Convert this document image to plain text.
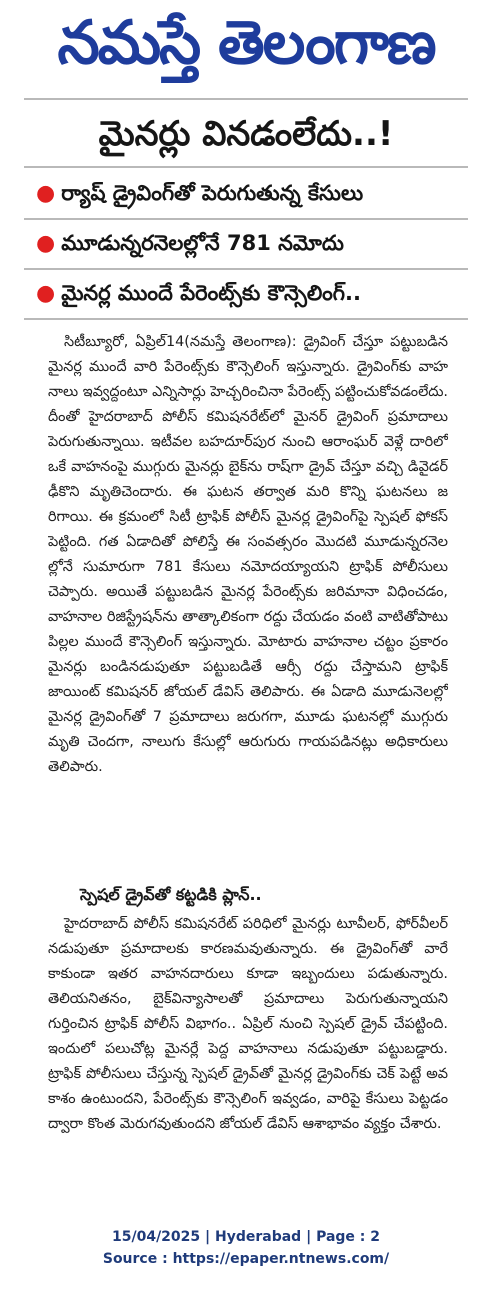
నమస్తే తెలంగాణ
మైనర్లు వినడంలేదు..!
● ర్యాష్ డ్రైవింగ్‌తో పెరుగుతున్న కేసులు
● మూడున్నరనెలల్లోనే 781 నమోదు
● మైనర్ల ముందే పేరెంట్స్‌కు కౌన్సెలింగ్..
సిటీబ్యూరో, ఏప్రిల్14(నమస్తే తెలంగాణ): డ్రైవింగ్ చేస్తూ పట్టుబడిన మైనర్ల ముందే వారి పేరెంట్స్‌కు కౌన్సెలింగ్ ఇస్తున్నారు. డ్రైవింగ్‌కు వాహనాలు ఇవ్వద్దంటూ ఎన్నిసార్లు హెచ్చరించినా పేరెంట్స్ పట్టించుకోవడంలేదు. దీంతో హైదరాబాద్ పోలీస్ కమిషనరేట్‌లో మైనర్ డ్రైవింగ్ ప్రమాదాలు పెరుగుతున్నాయి. ఇటీవల బహదూర్‌పుర నుంచి ఆరాంఘర్ వెళ్లే దారిలో ఒకే వాహనంపై ముగ్గురు మైనర్లు బైక్‌ను రాష్‌గా డ్రైవ్ చేస్తూ వచ్చి డివైడర్ ఢీకొని మృతిచెందారు. ఈ ఘటన తర్వాత మరి కొన్ని ఘటనలు జరిగాయి. ఈ క్రమంలో సిటీ ట్రాఫిక్ పోలీస్ మైనర్ల డ్రైవింగ్‌పై స్పెషల్ ఫోకస్ పెట్టింది. గత ఏడాదితో పోలిస్తే ఈ సంవత్సరం మొదటి మూడున్నరనెలల్లోనే సుమారుగా 781 కేసులు నమోదయ్యాయని ట్రాఫిక్ పోలీసులు చెప్పారు. అయితే పట్టుబడిన మైనర్ల పేరెంట్స్‌కు జరిమానా విధించడం, వాహనాల రిజిస్ట్రేషన్‌ను తాత్కాలికంగా రద్దు చేయడం వంటి వాటితోపాటు పిల్లల ముందే కౌన్సెలింగ్ ఇస్తున్నారు. మోటారు వాహనాల చట్టం ప్రకారం మైనర్లు బండినడుపుతూ పట్టుబడితే ఆర్సీ రద్దు చేస్తామని ట్రాఫిక్ జాయింట్ కమిషనర్ జోయల్ డేవిస్ తెలిపారు. ఈ ఏడాది మూడునెలల్లో మైనర్ల డ్రైవింగ్‌తో 7 ప్రమాదాలు జరుగగా, మూడు ఘటనల్లో ముగ్గురు మృతి చెందగా, నాలుగు కేసుల్లో ఆరుగురు గాయపడినట్లు అధికారులు తెలిపారు.
స్పెషల్ డ్రైవ్‌తో కట్టడికి ప్లాన్..
హైదరాబాద్ పోలీస్ కమిషనరేట్ పరిధిలో మైనర్లు టూవీలర్, ఫోర్‌వీలర్ నడుపుతూ ప్రమాదాలకు కారణమవుతున్నారు. ఈ డ్రైవింగ్‌తో వారే కాకుండా ఇతర వాహనదారులు కూడా ఇబ్బందులు పడుతున్నారు. తెలియనితనం, బైక్‌విన్యాసాలతో ప్రమాదాలు పెరుగుతున్నాయని గుర్తించిన ట్రాఫిక్ పోలీస్ విభాగం.. ఏప్రిల్ నుంచి స్పెషల్ డ్రైవ్ చేపట్టింది. ఇందులో పలుచోట్ల మైనర్లే పెద్ద వాహనాలు నడుపుతూ పట్టుబడ్డారు. ట్రాఫిక్ పోలీసులు చేస్తున్న స్పెషల్ డ్రైవ్‌తో మైనర్ల డ్రైవింగ్‌కు చెక్ పెట్టే అవకాశం ఉంటుందని, పేరెంట్స్‌కు కౌన్సెలింగ్ ఇవ్వడం, వారిపై కేసులు పెట్టడం ద్వారా కొంత మెరుగవుతుందని జోయల్ డేవిస్ ఆశాభావం వ్యక్తం చేశారు.
15/04/2025 | Hyderabad | Page : 2
Source : https://epaper.ntnews.com/
